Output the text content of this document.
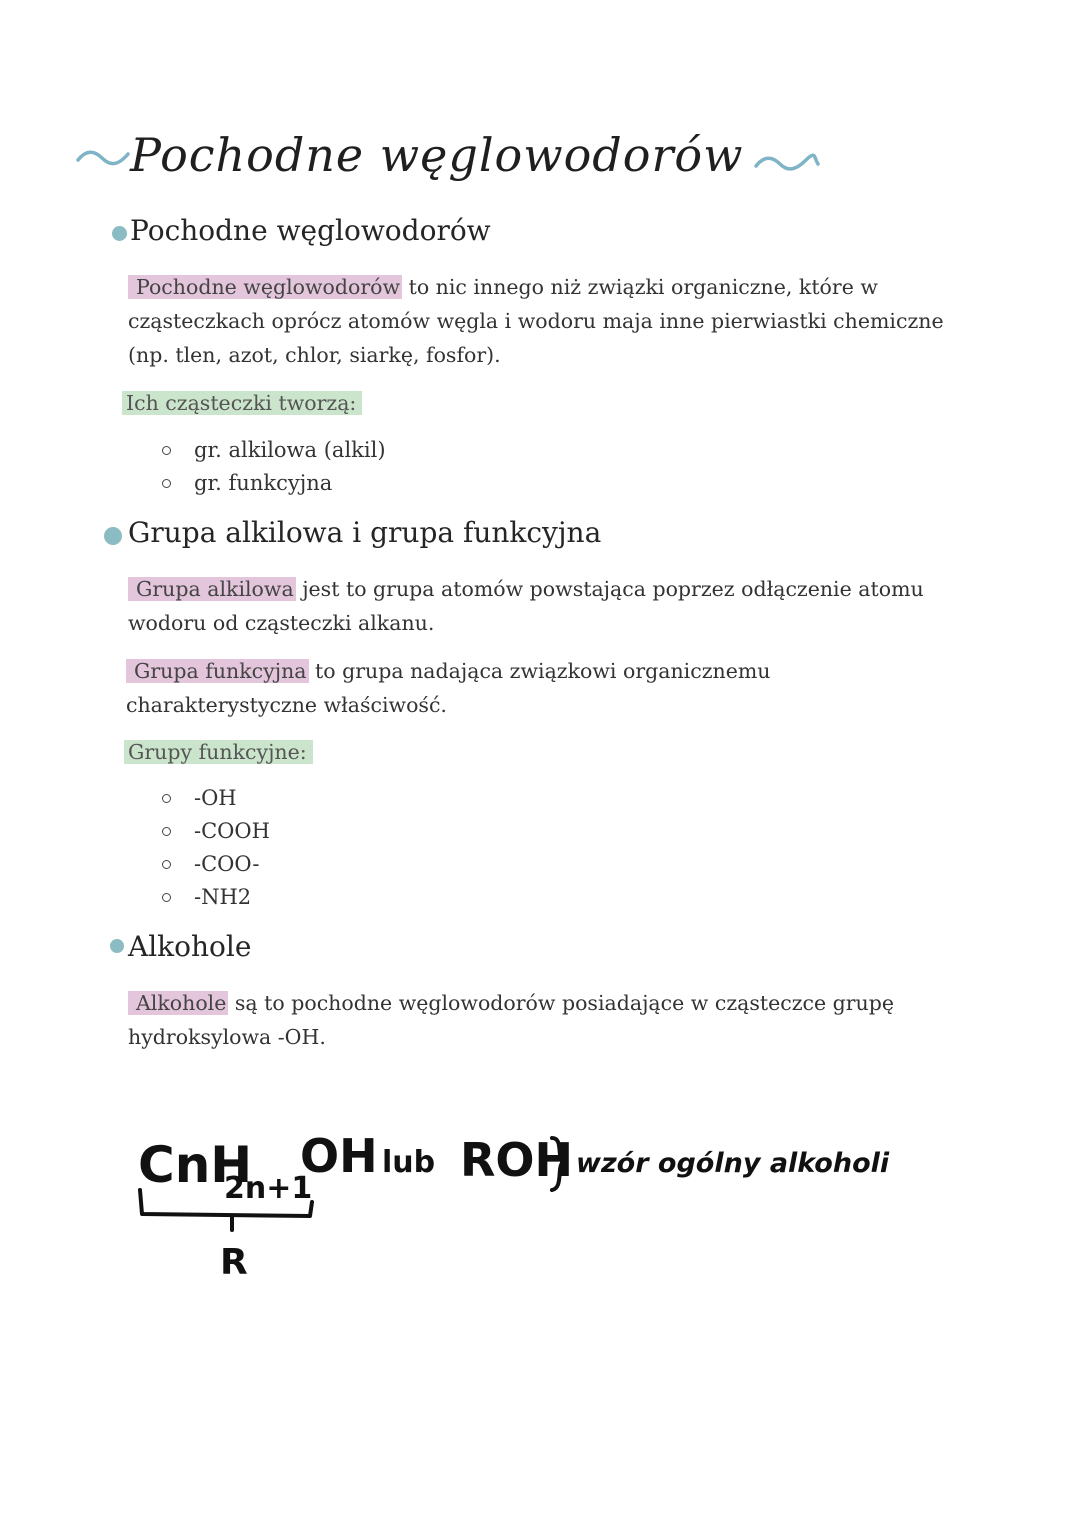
Pochodne węglowodorów
Pochodne węglowodorów
Pochodne węglowodorów to nic innego niż związki organiczne, które w cząsteczkach oprócz atomów węgla i wodoru maja inne pierwiastki chemiczne (np. tlen, azot, chlor, siarkę, fosfor).
Ich cząsteczki tworzą:
gr. alkilowa (alkil)
gr. funkcyjna
Grupa alkilowa i grupa funkcyjna
Grupa alkilowa jest to grupa atomów powstająca poprzez odłączenie atomu wodoru od cząsteczki alkanu.
Grupa funkcyjna to grupa nadająca związkowi organicznemu charakterystyczne właściwość.
Grupy funkcyjne:
-OH
-COOH
-COO-
-NH2
Alkohole
Alkohole są to pochodne węglowodorów posiadające w cząsteczce grupę hydroksylowa -OH.
CnH
2n+1
OH lub ROH wzór ogólny alkoholi
R
